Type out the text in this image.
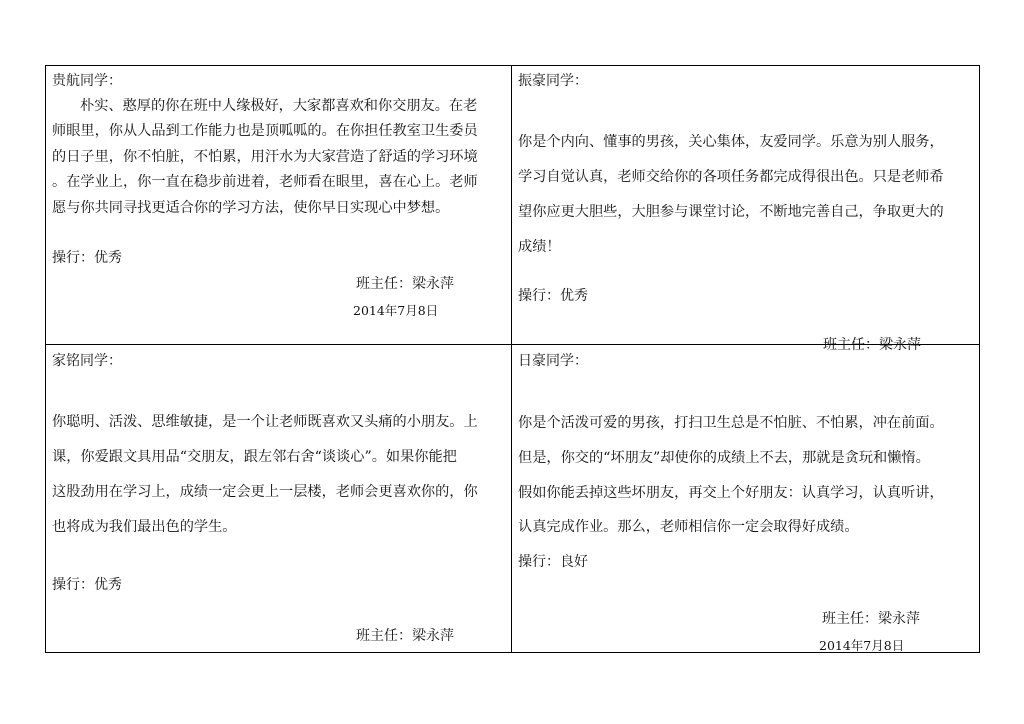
贵航同学：
朴实、憨厚的你在班中人缘极好，大家都喜欢和你交朋友。在老
师眼里，你从人品到工作能力也是顶呱呱的。在你担任教室卫生委员
的日子里，你不怕脏，不怕累，用汗水为大家营造了舒适的学习环境
。在学业上，你一直在稳步前进着，老师看在眼里，喜在心上。老师
愿与你共同寻找更适合你的学习方法，使你早日实现心中梦想。
操行：优秀
班主任：梁永萍
2014年7月8日
振豪同学：
你是个内向、懂事的男孩，关心集体，友爱同学。乐意为别人服务，
学习自觉认真，老师交给你的各项任务都完成得很出色。只是老师希
望你应更大胆些，大胆参与课堂讨论，不断地完善自己，争取更大的
成绩！
操行：优秀
班主任：梁永萍
家铭同学：
你聪明、活泼、思维敏捷，是一个让老师既喜欢又头痛的小朋友。上
课，你爱跟文具用品“交朋友，跟左邻右舍“谈谈心”。如果你能把
这股劲用在学习上，成绩一定会更上一层楼，老师会更喜欢你的，你
也将成为我们最出色的学生。
操行：优秀
班主任：梁永萍
日豪同学：
你是个活泼可爱的男孩，打扫卫生总是不怕脏、不怕累，冲在前面。
但是，你交的“坏朋友”却使你的成绩上不去，那就是贪玩和懒惰。
假如你能丢掉这些坏朋友，再交上个好朋友：认真学习，认真听讲，
认真完成作业。那么，老师相信你一定会取得好成绩。
操行：良好
班主任：梁永萍
2014年7月8日
